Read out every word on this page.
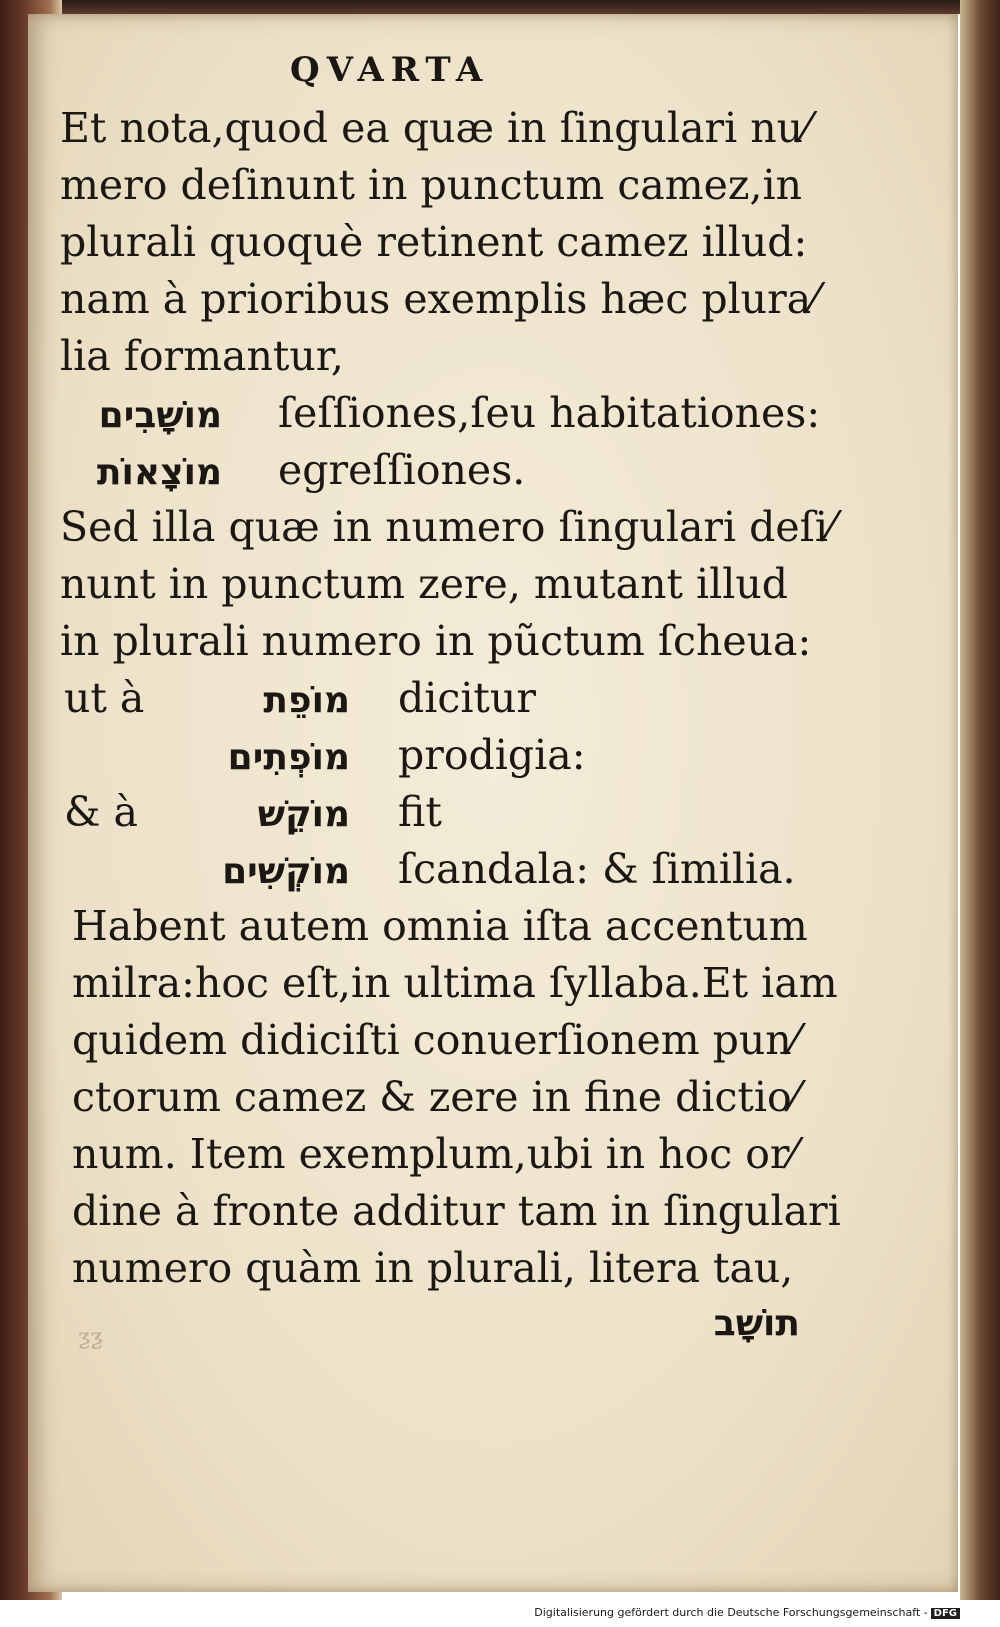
QVARTA
Et nota,quod ea quæ in ſingulari nu⁄
mero deſinunt in punctum camez,in
plurali quoquè retinent camez illud:
nam à prioribus exemplis hæc plura⁄
lia formantur,
מוֹשָׁבִים ſeſſiones,ſeu habitationes:
מוֹצָאוֹת egreſſiones.
Sed illa quæ in numero ſingulari deſi⁄
nunt in punctum zere, mutant illud
in plurali numero in pũctum ſcheua:
ut à	מוֹפֵת dicitur
מוֹפְתִים prodigia:
& à	מוֹקֵשׁ fit
מוֹקְשִׁים ſcandala: & ſimilia.
Habent autem omnia iſta accentum
milra:hoc eſt,in ultima ſyllaba.Et iam
quidem didiciſti conuerſionem pun⁄
ctorum camez & zere in fine dictio⁄
num. Item exemplum,ubi in hoc or⁄
dine à fronte additur tam in ſingulari
numero quàm in plurali, litera tau,
ƺƺ	תוֹשָׁב
Digitalisierung gefördert durch die Deutsche Forschungsgemeinschaft - DFG
